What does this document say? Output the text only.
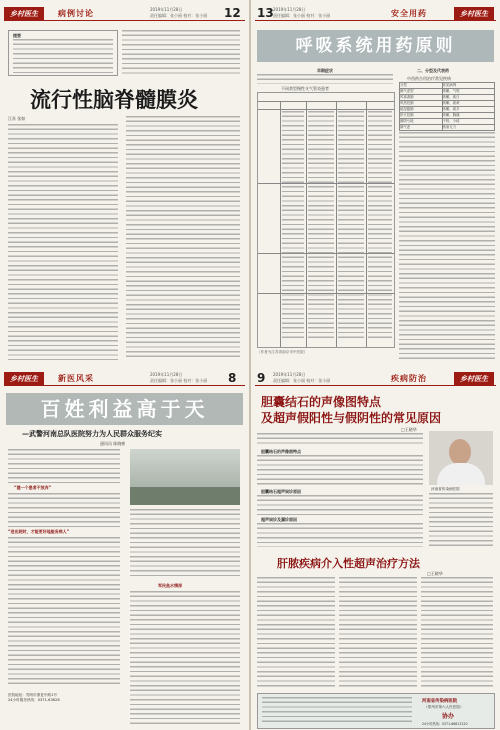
乡村医生	病例讨论	2019年11月28日
责任编辑：张小丽 校对：张小丽 12
提要
流行性脑脊髓膜炎
江苏 张如
13 2019年11月28日
责任编辑：张小丽 校对：张小丽	安全用药	乡村医生
呼吸系统用药原则
早期症状
不同类型慢性支气管炎患者
（作者为江苏省南京市中医院）
二、分型及代表药
中西药合用治疗常见疾病
分型	常见病例
肺气虚型	咳嗽、气短
风寒袭肺	咳嗽、痰白
风热犯肺	咳嗽、痰黄
痰湿蕴肺	咳嗽、痰多
肝火犯肺	咳嗽、胸痛
肺阴亏耗	干咳、少痰
肺气虚	咳而无力
乡村医生	新医风采	2019年11月28日
责任编辑：张小丽 校对：张小丽 8
百姓利益高于天
—武警河南总队医院努力为人民群众服务纪实
通讯员 陈晓彬
“建一个患者不放弃”
“进出院时，才能更好地服务病人”
医院地址：郑州市康复中路1号
24小时服务热线：0371-63628
军民鱼水情深
9 2019年11月28日
责任编辑：张小丽 校对：张小丽	疾病防治	乡村医生
胆囊结石的声像图特点
及超声假阳性与假阴性的常见原因
□王晓华
胆囊结石的声像图特点
胆囊结石超声误诊原因
超声误诊及漏诊原因
河南省传染病医院
肝脓疾病介入性超声治疗方法
□王晓华
河南省传染病医院
（郑州市第六人民医院）
协办
24小时热线：0371-66813120
